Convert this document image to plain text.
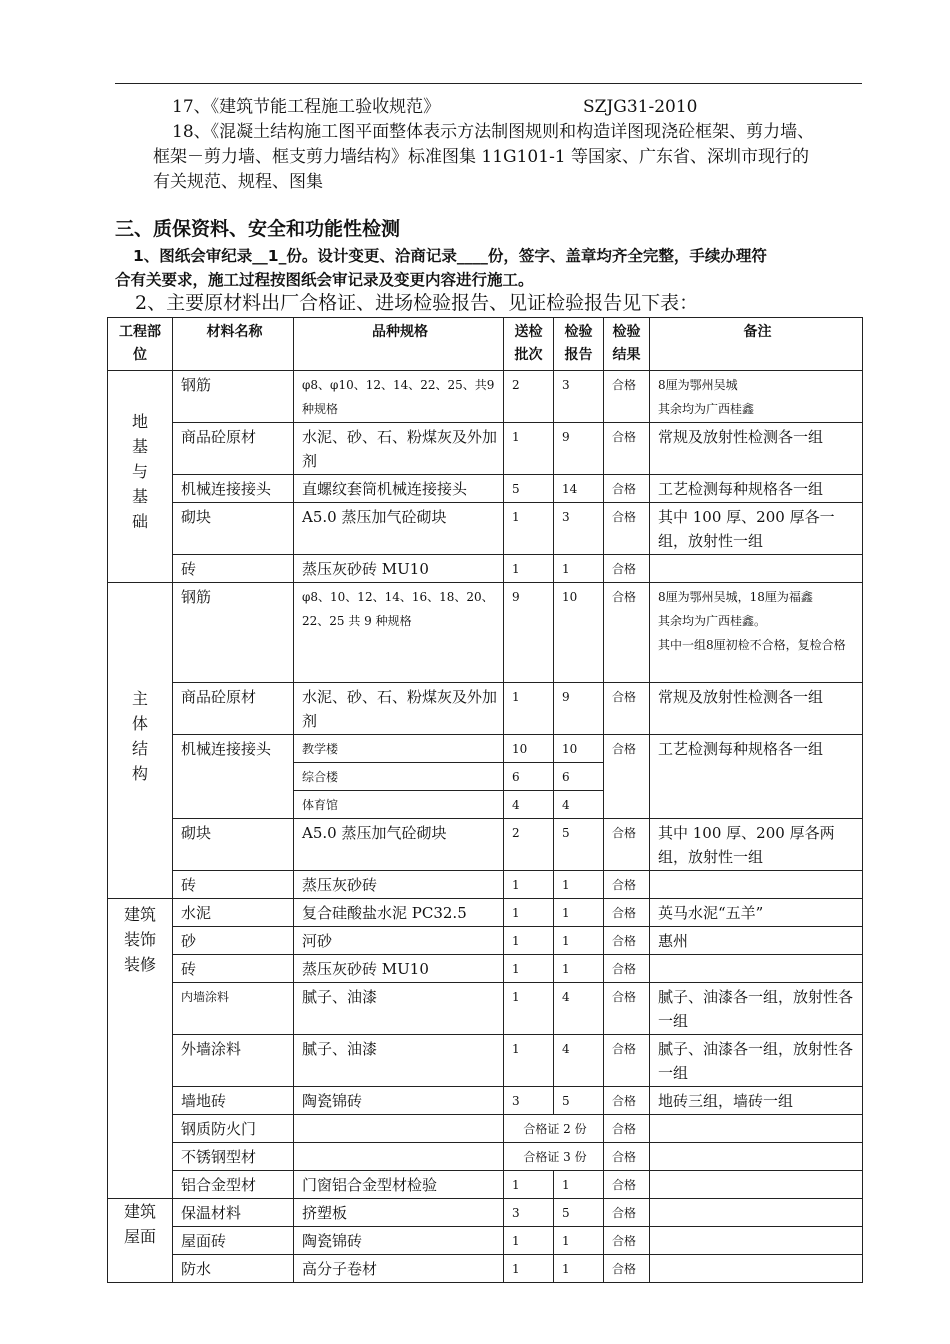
17、《建筑节能工程施工验收规范》	SZJG31-2010
18、《混凝土结构施工图平面整体表示方法制图规则和构造详图现浇砼框架、剪力墙、
框架－剪力墙、框支剪力墙结构》标准图集 11G101-1 等国家、广东省、深圳市现行的
有关规范、规程、图集
三、质保资料、安全和功能性检测
1、图纸会审纪录__1_份。设计变更、洽商记录____份，签字、盖章均齐全完整，手续办理符
合有关要求，施工过程按图纸会审记录及变更内容进行施工。
2、主要原材料出厂合格证、进场检验报告、见证检验报告见下表：
工程部 位	材料名称	品种规格	送检批次	检验报告	检验结果	备注

地基与基础	钢筋	φ8、φ10、12、14、22、25、共9种规格	2	3	合格	8厘为鄂州吴城
其余均为广西桂鑫
	商品砼原材	水泥、砂、石、粉煤灰及外加剂	1	9	合格	常规及放射性检测各一组
	机械连接接头	直螺纹套筒机械连接接头	5	14	合格	工艺检测每种规格各一组
	砌块	A5.0 蒸压加气砼砌块	1	3	合格	其中 100 厚、200 厚各一组，放射性一组
	砖	蒸压灰砂砖 MU10	1	1	合格	

主体结构	钢筋	φ8、10、12、14、16、18、20、22、25 共 9 种规格	9	10	合格	8厘为鄂州吴城，18厘为福鑫
其余均为广西桂鑫。
其中一组8厘初检不合格，复检合格
	商品砼原材	水泥、砂、石、粉煤灰及外加剂	1	9	合格	常规及放射性检测各一组
	机械连接接头	教学楼	10	10	合格	工艺检测每种规格各一组
		综合楼	6	6		
		体育馆	4	4		
	砌块	A5.0 蒸压加气砼砌块	2	5	合格	其中 100 厚、200 厚各两组，放射性一组
	砖	蒸压灰砂砖	1	1	合格	

建筑装饰装修	水泥	复合硅酸盐水泥 PC32.5	1	1	合格	英马水泥“五羊”
	砂	河砂	1	1	合格	惠州
	砖	蒸压灰砂砖 MU10	1	1	合格	
	内墙涂料	腻子、油漆	1	4	合格	腻子、油漆各一组，放射性各一组
	外墙涂料	腻子、油漆	1	4	合格	腻子、油漆各一组，放射性各一组
	墙地砖	陶瓷锦砖	3	5	合格	地砖三组，墙砖一组
	钢质防火门		合格证 2 份		合格	
	不锈钢型材		合格证 3 份		合格	
	铝合金型材	门窗铝合金型材检验	1	1	合格	

建筑屋面	保温材料	挤塑板	3	5	合格	
	屋面砖	陶瓷锦砖	1	1	合格	
	防水	高分子卷材	1	1	合格	
